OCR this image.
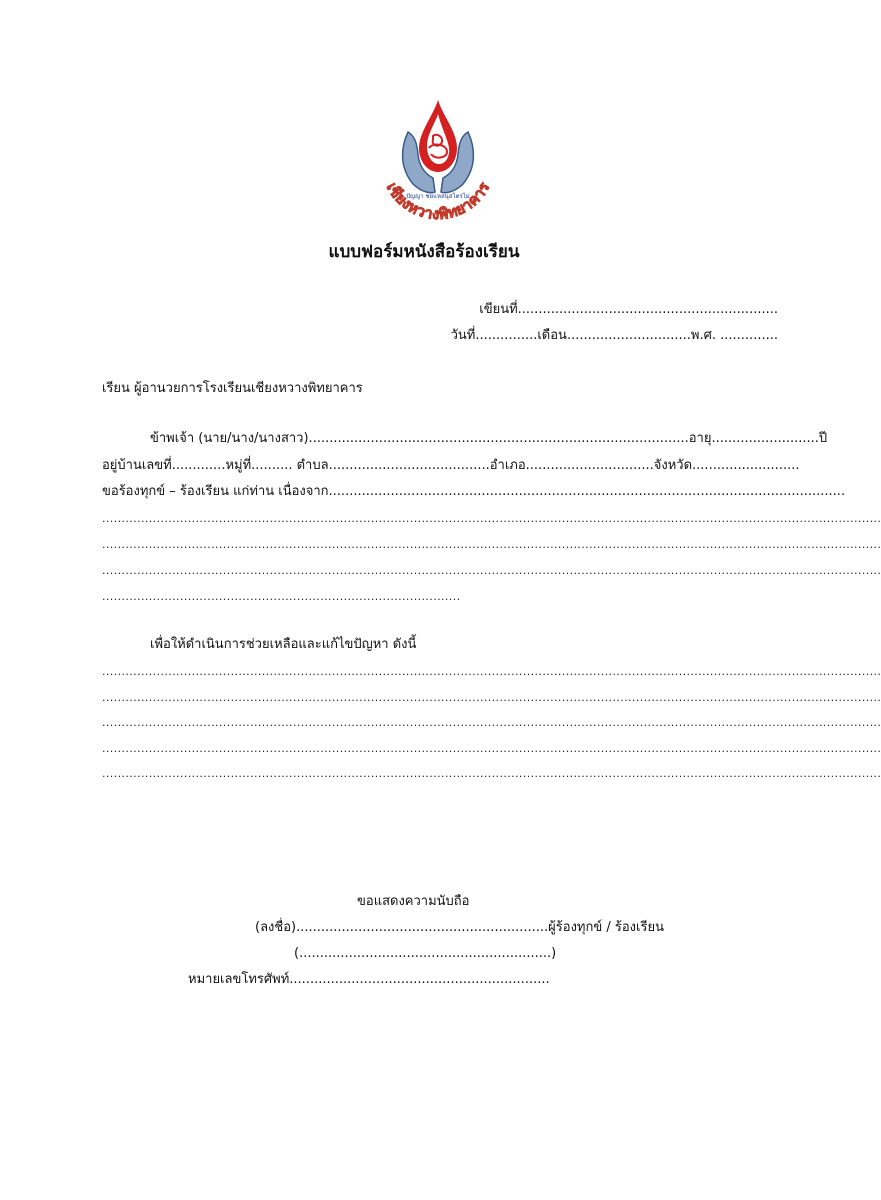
เชียงหวางพิทยาคาร
ปัญญา ชยแหลนุสโตรไม่
แบบฟอร์มหนังสือร้องเรียน
เขียนที่...............................................................
วันที่...............เดือน..............................พ.ศ. ..............
เรียน ผู้อานวยการโรงเรียนเชียงหวางพิทยาคาร
ข้าพเจ้า (นาย/นาง/นางสาว)............................................................................................อายุ..........................ปี
อยู่บ้านเลขที่.............หมู่ที่.......... ตำบล.......................................อำเภอ...............................จังหวัด..........................
ขอร้องทุกข์ – ร้องเรียน แก่ท่าน เนื่องจาก.............................................................................................................................
........................................................................................................................................................................................................
........................................................................................................................................................................................................
........................................................................................................................................................................................................
............................................................................................
เพื่อให้ดำเนินการช่วยเหลือและแก้ไขปัญหา ดังนี้
........................................................................................................................................................................................................
........................................................................................................................................................................................................
........................................................................................................................................................................................................
........................................................................................................................................................................................................
........................................................................................................................................................................................................
ขอแสดงความนับถือ
(ลงชื่อ).............................................................ผู้ร้องทุกข์ / ร้องเรียน
(.............................................................)
หมายเลขโทรศัพท์...............................................................
